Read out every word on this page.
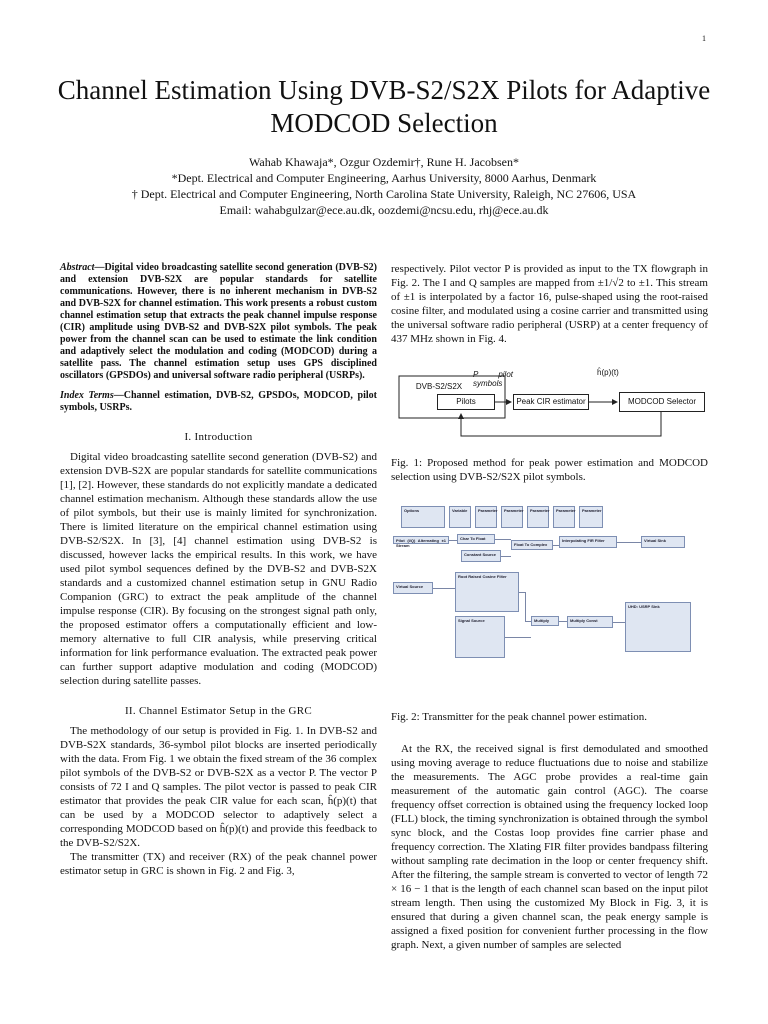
1
Channel Estimation Using DVB-S2/S2X Pilots for Adaptive MODCOD Selection
Wahab Khawaja*, Ozgur Ozdemir†, Rune H. Jacobsen*
*Dept. Electrical and Computer Engineering, Aarhus University, 8000 Aarhus, Denmark
† Dept. Electrical and Computer Engineering, North Carolina State University, Raleigh, NC 27606, USA
Email: wahabgulzar@ece.au.dk, oozdemi@ncsu.edu, rhj@ece.au.dk

Abstract—Digital video broadcasting satellite second generation (DVB-S2) and extension DVB-S2X are popular standards for satellite communications. However, there is no inherent mechanism in DVB-S2 and DVB-S2X for channel estimation. This work presents a robust custom channel estimation setup that extracts the peak channel impulse response (CIR) amplitude using DVB-S2 and DVB-S2X pilot symbols. The peak power from the channel scan can be used to estimate the link condition and adaptively select the modulation and coding (MODCOD) during a satellite pass. The channel estimation setup uses GPS disciplined oscillators (GPSDOs) and universal software radio peripheral (USRPs).

Index Terms—Channel estimation, DVB-S2, GPSDOs, MODCOD, pilot symbols, USRPs.

I. Introduction

Digital video broadcasting satellite second generation (DVB-S2) and extension DVB-S2X are popular standards for satellite communications [1], [2]. However, these standards do not explicitly mandate a dedicated channel estimation mechanism. Although these standards allow the use of pilot symbols, but their use is mainly limited for synchronization. There is limited literature on the empirical channel estimation using DVB-S2/S2X. In [3], [4] channel estimation using DVB-S2 is discussed, however lacks the empirical results. In this work, we have used pilot symbol sequences defined by the DVB-S2 and DVB-S2X standards and a customized channel estimation setup in GNU Radio Companion (GRC) to extract the peak amplitude of the channel impulse response (CIR). By focusing on the strongest signal path only, the proposed estimator offers a computationally efficient and low-memory alternative to full CIR analysis, while preserving critical information for link performance evaluation. The extracted peak power can further support adaptive modulation and coding (MODCOD) selection during satellite passes.

II. Channel Estimator Setup in the GRC

The methodology of our setup is provided in Fig. 1. In DVB-S2 and DVB-S2X standards, 36-symbol pilot blocks are inserted periodically with the data. From Fig. 1 we obtain the fixed stream of the 36 complex pilot symbols of the DVB-S2 or DVB-S2X as a vector P. The vector P consists of 72 I and Q samples. The pilot vector is passed to peak CIR estimator that provides the peak CIR value for each scan, ĥ(p)(t) that can be used by a MODCOD selector to adaptively select a corresponding MODCOD based on ĥ(p)(t) and provide this feedback to the DVB-S2/S2X.

The transmitter (TX) and receiver (RX) of the peak channel power estimator setup in GRC is shown in Fig. 2 and Fig. 3,

respectively. Pilot vector P is provided as input to the TX flowgraph in Fig. 2. The I and Q samples are mapped from ±1/√2 to ±1. This stream of ±1 is interpolated by a factor 16, pulse-shaped using the root-raised cosine filter, and modulated using a cosine carrier and transmitted using the universal software radio peripheral (USRP) at a center frequency of 437 MHz shown in Fig. 4.

DVB-S2/S2X
Pilots
P pilot symbols
Peak CIR estimator
ĥ(p)(t)
MODCOD Selector

Fig. 1: Proposed method for peak power estimation and MODCOD selection using DVB-S2/S2X pilot symbols.

Options	Variable	Parameter	Parameter	Parameter	Parameter	Parameter
Pilot (I/Q) Alternating ±1 Stream
Char To Float
Float To Complex
Interpolating FIR Filter	Virtual Sink
Constant Source
Root Raised Cosine Filter
Virtual Source
Signal Source	Multiply	Multiply Const
UHD: USRP Sink

Fig. 2: Transmitter for the peak channel power estimation.

At the RX, the received signal is first demodulated and smoothed using moving average to reduce fluctuations due to noise and stabilize the measurements. The AGC probe provides a real-time gain measurement of the automatic gain control (AGC). The coarse frequency offset correction is obtained using the frequency locked loop (FLL) block, the timing synchronization is obtained through the symbol sync block, and the Costas loop provides fine carrier phase and frequency correction. The Xlating FIR filter provides bandpass filtering without sampling rate decimation in the loop or center frequency shift. After the filtering, the sample stream is converted to vector of length 72 × 16 − 1 that is the length of each channel scan based on the input pilot stream length. Then using the customized My Block in Fig. 3, it is ensured that during a given channel scan, the peak energy sample is assigned a fixed position for convenient further processing in the flow graph. Next, a given number of samples are selected
